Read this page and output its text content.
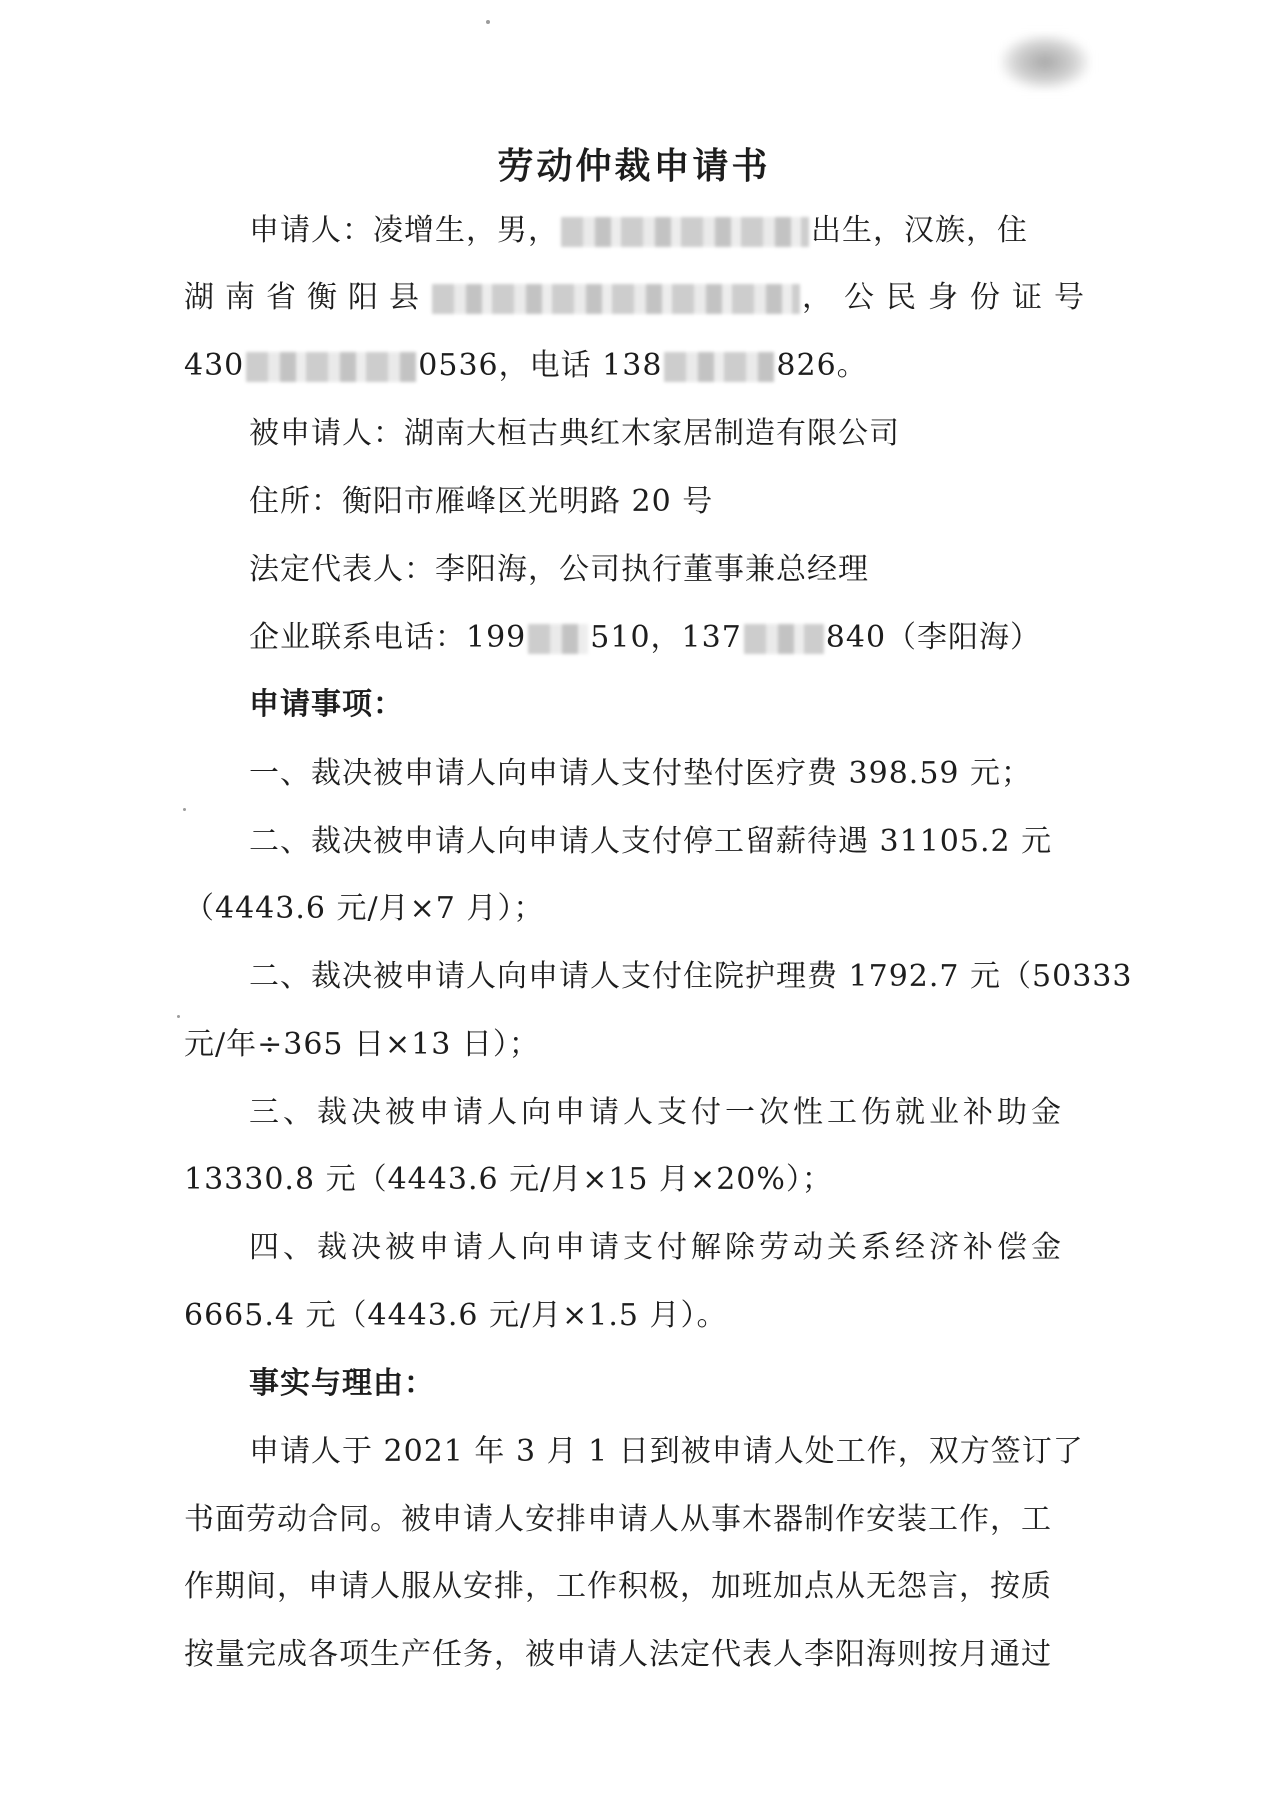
劳动仲裁申请书
申请人：凌增生，男，	出生，汉族，住
湖南省衡阳县	，公民身份证号
430	0536，电话 138	826。
被申请人：湖南大桓古典红木家居制造有限公司
住所：衡阳市雁峰区光明路 20 号
法定代表人：李阳海，公司执行董事兼总经理
企业联系电话：199 510，137	840（李阳海）
申请事项：
一、裁决被申请人向申请人支付垫付医疗费 398.59 元；
二、裁决被申请人向申请人支付停工留薪待遇 31105.2 元
（4443.6 元/月×7 月）；
二、裁决被申请人向申请人支付住院护理费 1792.7 元（50333
元/年÷365 日×13 日）；
三、裁决被申请人向申请人支付一次性工伤就业补助金
13330.8 元（4443.6 元/月×15 月×20%）；
四、裁决被申请人向申请支付解除劳动关系经济补偿金
6665.4 元（4443.6 元/月×1.5 月）。
事实与理由：
申请人于 2021 年 3 月 1 日到被申请人处工作，双方签订了
书面劳动合同。被申请人安排申请人从事木器制作安装工作，工
作期间，申请人服从安排，工作积极，加班加点从无怨言，按质
按量完成各项生产任务，被申请人法定代表人李阳海则按月通过
